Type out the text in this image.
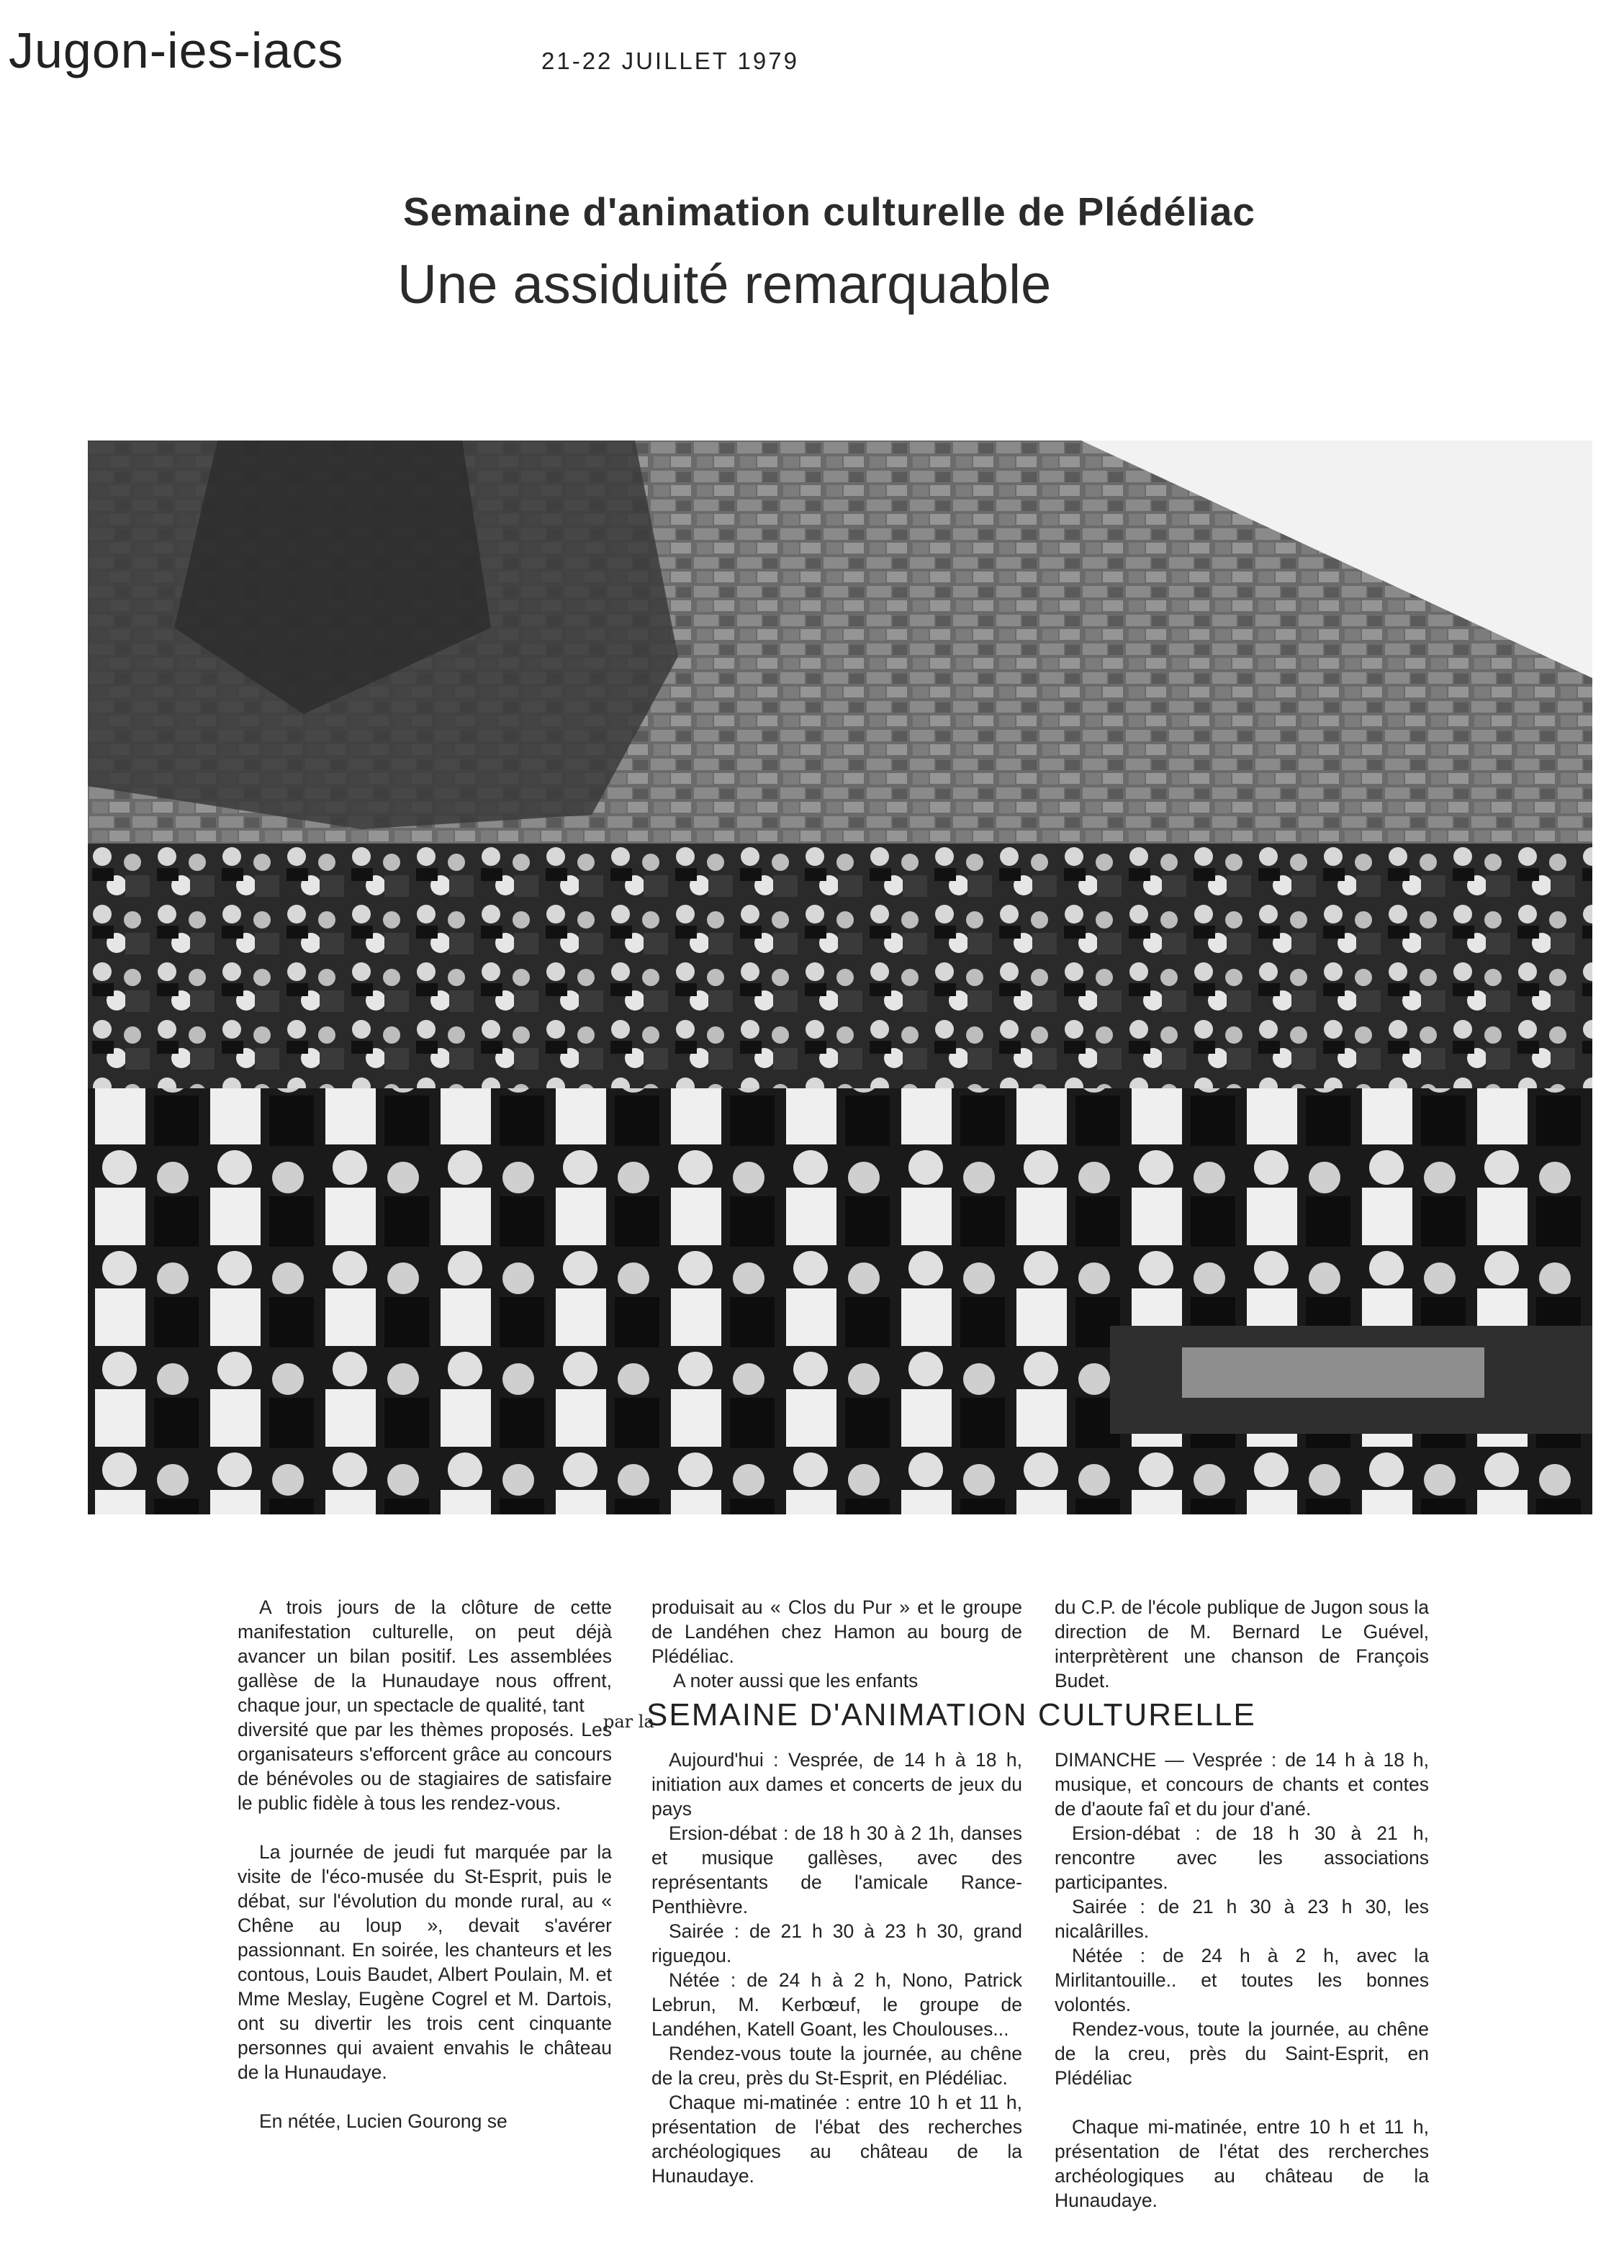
Jugon-ies-iacs	21-22 JUILLET 1979
Semaine d'animation culturelle de Plédéliac
Une assiduité remarquable

A trois jours de la clôture de cette manifestation culturelle, on peut déjà avancer un bilan positif. Les assemblées gallèse de la Hunaudaye nous offrent, chaque jour, un spectacle de qualité, tant

diversité que par les thèmes proposés. Les organisateurs s'efforcent grâce au concours de bénévoles ou de stagiaires de satisfaire le public fidèle à tous les rendez-vous.

La journée de jeudi fut marquée par la visite de l'éco-musée du St-Esprit, puis le débat, sur l'évolution du monde rural, au « Chêne au loup », devait s'avérer passionnant. En soirée, les chanteurs et les contous, Louis Baudet, Albert Poulain, M. et Mme Meslay, Eugène Cogrel et M. Dartois, ont su divertir les trois cent cinquante personnes qui avaient envahis le château de la Hunaudaye.

En nétée, Lucien Gourong se

par la

produisait au « Clos du Pur » et le groupe de Landéhen chez Hamon au bourg de Plédéliac.

A noter aussi que les enfants

du C.P. de l'école publique de Jugon sous la direction de M. Bernard Le Guével, interprètèrent une chanson de François Budet.

SEMAINE D'ANIMATION CULTURELLE

Aujourd'hui : Vesprée, de 14 h à 18 h, initiation aux dames et concerts de jeux du pays

Ersion-débat : de 18 h 30 à 2 1h, danses et musique gallèses, avec des représentants de l'amicale Rance-Penthièvre.

Sairée : de 21 h 30 à 23 h 30, grand rigueдou.

Nétée : de 24 h à 2 h, Nono, Patrick Lebrun, M. Kerbœuf, le groupe de Landéhen, Katell Goant, les Choulouses...

Rendez-vous toute la journée, au chêne de la creu, près du St-Esprit, en Plédéliac.

Chaque mi-matinée : entre 10 h et 11 h, présentation de l'ébat des recherches archéologiques au château de la Hunaudaye.

DIMANCHE — Vesprée : de 14 h à 18 h, musique, et concours de chants et contes de d'aoute faî et du jour d'ané.

Ersion-débat : de 18 h 30 à 21 h, rencontre avec les associations participantes.

Sairée : de 21 h 30 à 23 h 30, les nicalârilles.

Nétée : de 24 h à 2 h, avec la Mirlitantouille.. et toutes les bonnes volontés.

Rendez-vous, toute la journée, au chêne de la creu, près du Saint-Esprit, en Plédéliac

Chaque mi-matinée, entre 10 h et 11 h, présentation de l'état des rercherches archéologiques au château de la Hunaudaye.
